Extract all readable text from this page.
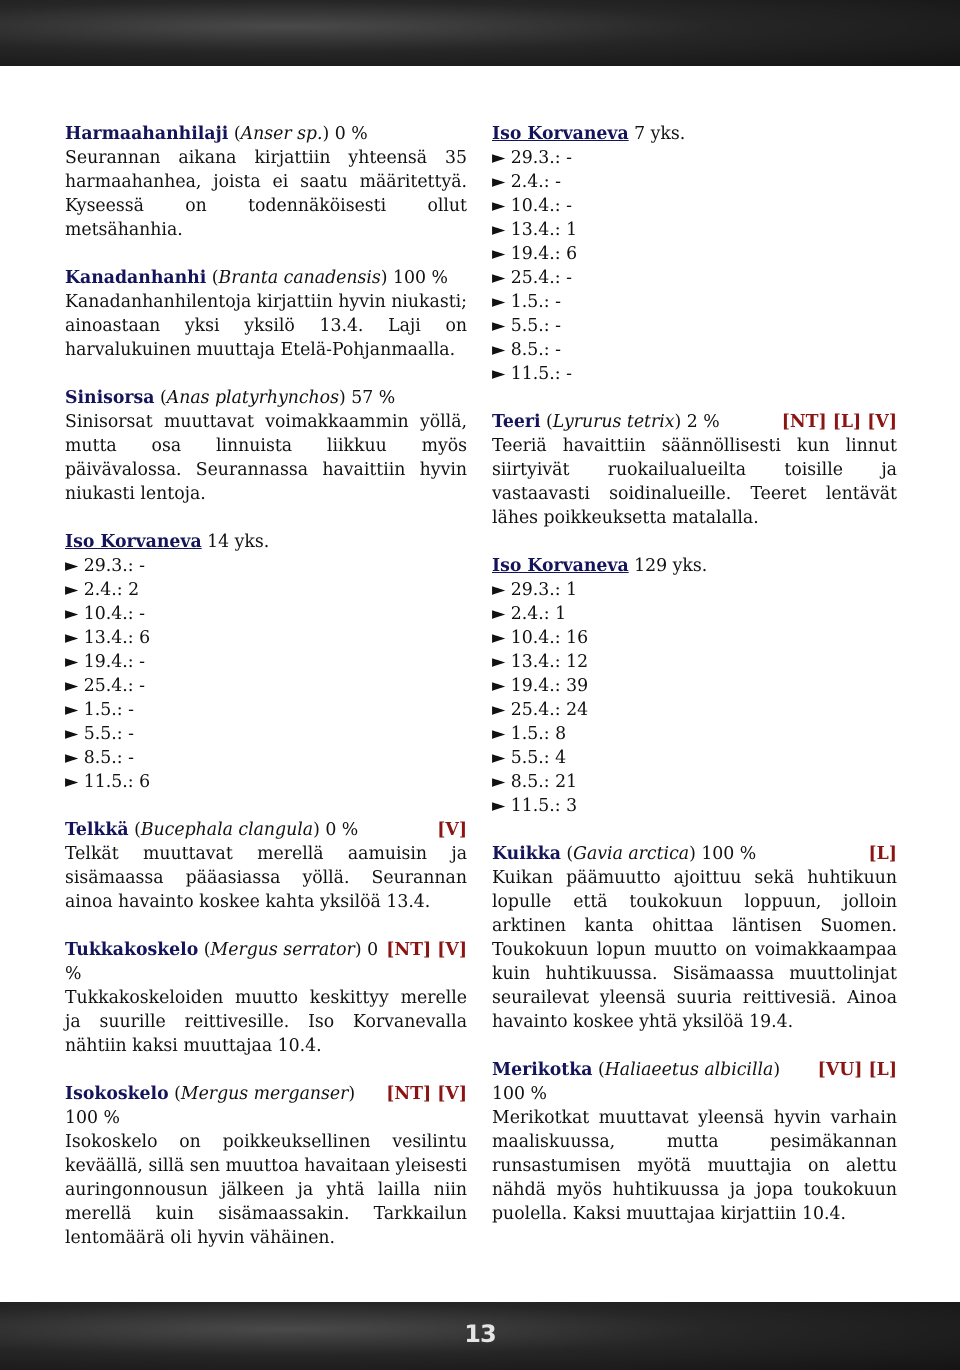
Harmaahanhilaji (Anser sp.) 0 %
Seurannan aikana kirjattiin yhteensä 35 harmaahanhea, joista ei saatu määritettyä. Kyseessä on todennäköisesti ollut metsähanhia.
Kanadanhanhi (Branta canadensis) 100 %
Kanadanhanhilentoja kirjattiin hyvin niukasti; ainoastaan yksi yksilö 13.4. Laji on harvalukuinen muuttaja Etelä-Pohjanmaalla.
Sinisorsa (Anas platyrhynchos) 57 %
Sinisorsat muuttavat voimakkaammin yöllä, mutta osa linnuista liikkuu myös päivävalossa. Seurannassa havaittiin hyvin niukasti lentoja.
Iso Korvaneva 14 yks.
► 29.3.: -
► 2.4.: 2
► 10.4.: -
► 13.4.: 6
► 19.4.: -
► 25.4.: -
► 1.5.: -
► 5.5.: -
► 8.5.: -
► 11.5.: 6
Telkkä (Bucephala clangula) 0 %	[V]
Telkät muuttavat merellä aamuisin ja sisämaassa pääasiassa yöllä. Seurannan ainoa havainto koskee kahta yksilöä 13.4.
Tukkakoskelo (Mergus serrator) 0 %
[NT] [V]
Tukkakoskeloiden muutto keskittyy merelle ja suurille reittivesille. Iso Korvanevalla nähtiin kaksi muuttajaa 10.4.
Isokoskelo (Mergus merganser) 100 %
[NT] [V]
Isokoskelo on poikkeuksellinen vesilintu keväällä, sillä sen muuttoa havaitaan yleisesti auringonnousun jälkeen ja yhtä lailla niin merellä kuin sisämaassakin. Tarkkailun lentomäärä oli hyvin vähäinen.
Iso Korvaneva 7 yks.
► 29.3.: -
► 2.4.: -
► 10.4.: -
► 13.4.: 1
► 19.4.: 6
► 25.4.: -
► 1.5.: -
► 5.5.: -
► 8.5.: -
► 11.5.: -
Teeri (Lyrurus tetrix) 2 %	[NT] [L] [V]
Teeriä havaittiin säännöllisesti kun linnut siirtyivät ruokailualueilta toisille ja vastaavasti soidinalueille. Teeret lentävät lähes poikkeuksetta matalalla.
Iso Korvaneva 129 yks.
► 29.3.: 1
► 2.4.: 1
► 10.4.: 16
► 13.4.: 12
► 19.4.: 39
► 25.4.: 24
► 1.5.: 8
► 5.5.: 4
► 8.5.: 21
► 11.5.: 3
Kuikka (Gavia arctica) 100 %	[L]
Kuikan päämuutto ajoittuu sekä huhtikuun lopulle että toukokuun loppuun, jolloin arktinen kanta ohittaa läntisen Suomen. Toukokuun lopun muutto on voimakkaampaa kuin huhtikuussa. Sisämaassa muuttolinjat seurailevat yleensä suuria reittivesiä. Ainoa havainto koskee yhtä yksilöä 19.4.
Merikotka (Haliaeetus albicilla) 100 %
[VU] [L]
Merikotkat muuttavat yleensä hyvin varhain maaliskuussa, mutta pesimäkannan runsastumisen myötä muuttajia on alettu nähdä myös huhtikuussa ja jopa toukokuun puolella. Kaksi muuttajaa kirjattiin 10.4.
13
